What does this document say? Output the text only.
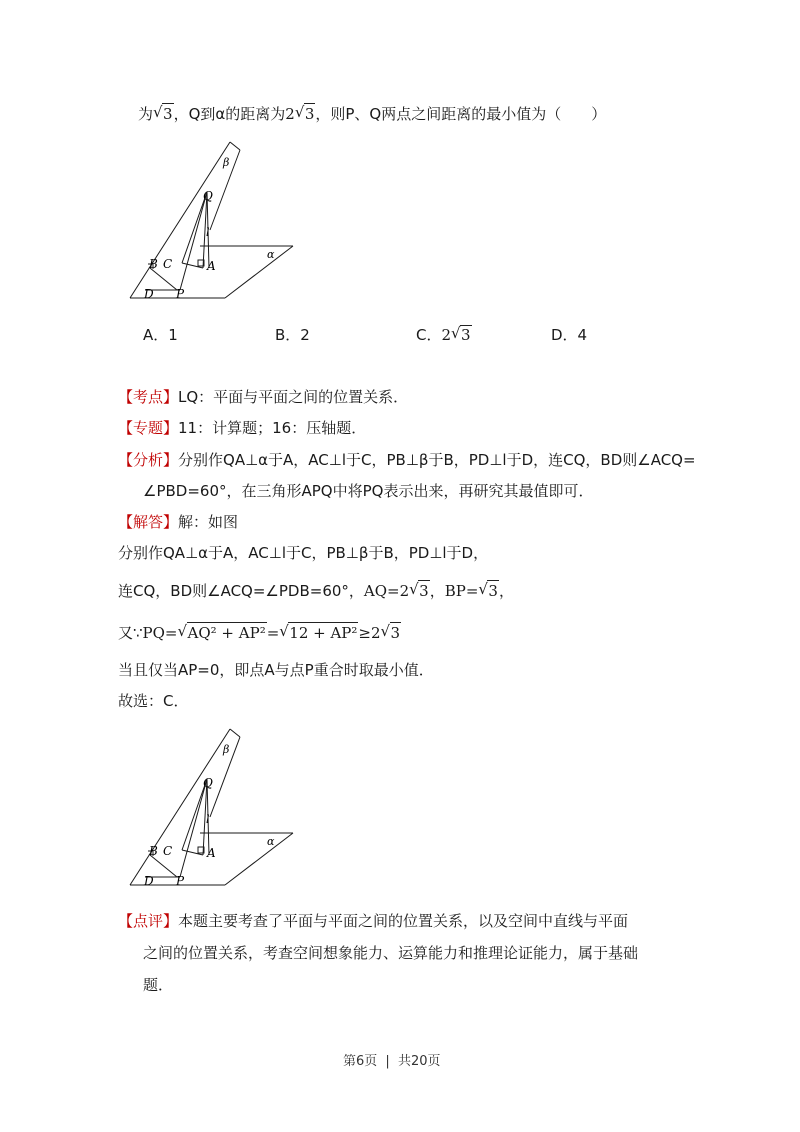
为 √ 3，Q到α的距离为2 √ 3，则P、Q两点之间距离的最小值为（　　）
β
Q
l
B C	A
α
D P
A．1	B．2	C．2 √ 3	D．4
【考点】LQ：平面与平面之间的位置关系．
【专题】11：计算题；16：压轴题．
【分析】分别作QA⊥α于A，AC⊥l于C，PB⊥β于B，PD⊥l于D，连CQ，BD则∠ACQ=
∠PBD=60°，在三角形APQ中将PQ表示出来，再研究其最值即可．
【解答】解：如图
分别作QA⊥α于A，AC⊥l于C，PB⊥β于B，PD⊥l于D，
连CQ，BD则∠ACQ=∠PDB=60°，AQ=2 √ 3，BP= √ 3，
又∵PQ= √ AQ² + AP²= √ 12 + AP²≥2 √ 3
当且仅当AP=0，即点A与点P重合时取最小值．
故选：C．
β
Q
l
B C	A
α
D P
【点评】本题主要考查了平面与平面之间的位置关系，以及空间中直线与平面
之间的位置关系，考查空间想象能力、运算能力和推理论证能力，属于基础
题．
第6页 | 共20页
